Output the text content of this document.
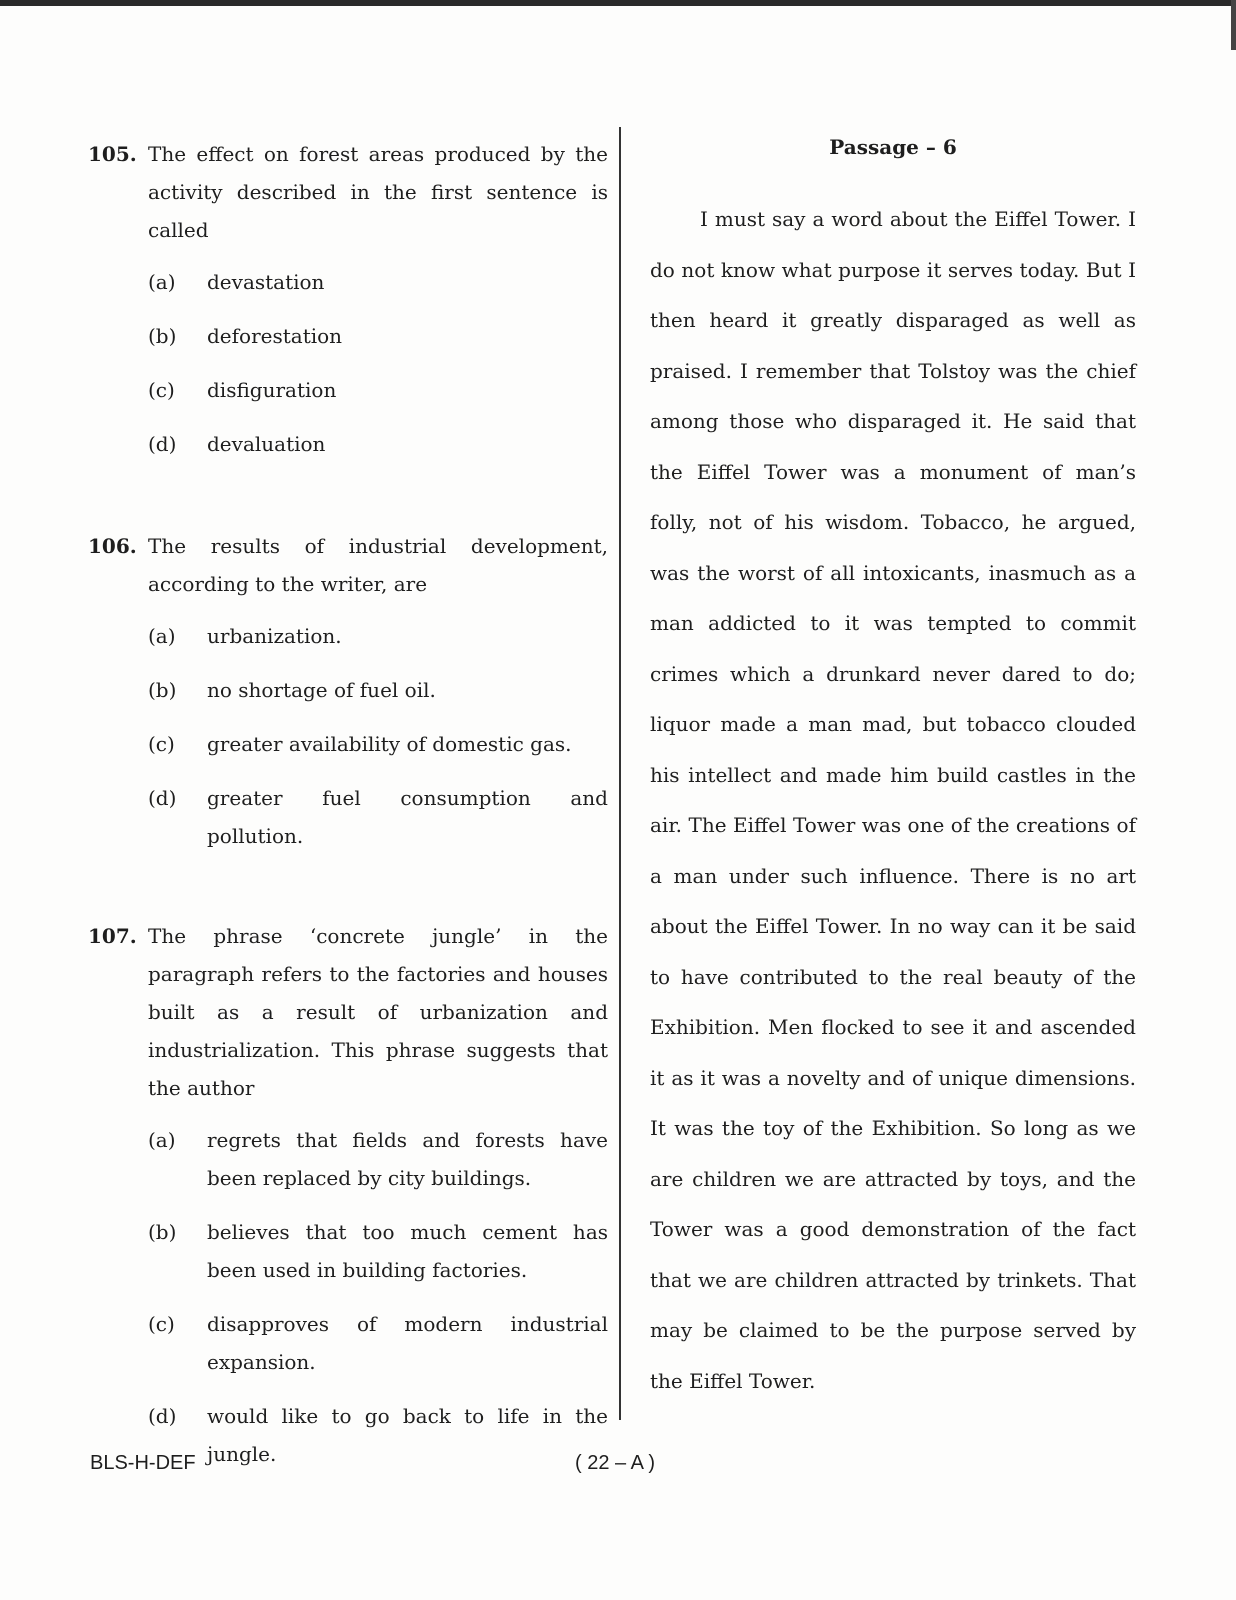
105. The effect on forest areas produced by the activity described in the first sentence is called
(a)	devastation
(b)	deforestation
(c)	disfiguration
(d)	devaluation
106. The results of industrial development, according to the writer, are
(a)	urbanization.
(b)	no shortage of fuel oil.
(c)	greater availability of domestic gas.
(d)	greater fuel consumption and pollution.
107. The phrase ‘concrete jungle’ in the paragraph refers to the factories and houses built as a result of urbanization and industrialization. This phrase suggests that the author
(a)	regrets that fields and forests have been replaced by city buildings.
(b)	believes that too much cement has been used in building factories.
(c)	disapproves of modern industrial expansion.
(d)	would like to go back to life in the jungle.
Passage – 6

I must say a word about the Eiffel Tower. I do not know what purpose it serves today. But I then heard it greatly disparaged as well as praised. I remember that Tolstoy was the chief among those who disparaged it. He said that the Eiffel Tower was a monument of man’s folly, not of his wisdom. Tobacco, he argued, was the worst of all intoxicants, inasmuch as a man addicted to it was tempted to commit crimes which a drunkard never dared to do; liquor made a man mad, but tobacco clouded his intellect and made him build castles in the air. The Eiffel Tower was one of the creations of a man under such influence. There is no art about the Eiffel Tower. In no way can it be said to have contributed to the real beauty of the Exhibition. Men flocked to see it and ascended it as it was a novelty and of unique dimensions. It was the toy of the Exhibition. So long as we are children we are attracted by toys, and the Tower was a good demonstration of the fact that we are children attracted by trinkets. That may be claimed to be the purpose served by the Eiffel Tower.

BLS-H-DEF	( 22 – A )
